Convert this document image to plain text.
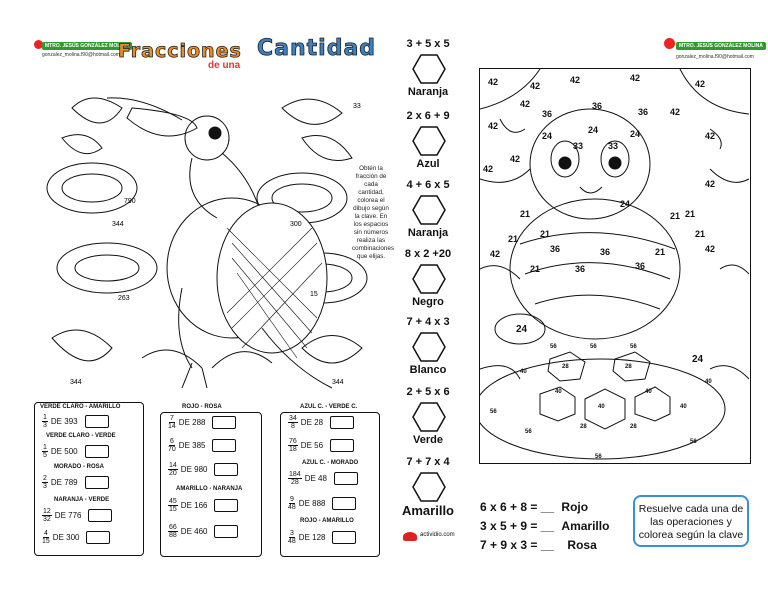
MTRO. JESÚS GONZÁLEZ MOLINA
gonzalez_molina.f90@hotmail.com
Fracciones
de una
Cantidad
33
790
344	300
263
15
344	344
Obtén la fracción de cada cantidad, colorea el dibujo según la clave. En los espacios sin números realiza las combinaciones que elijas.
VERDE CLARO - AMARILLO
$\frac{1}{3}$ DE 393
VERDE CLARO - VERDE
$\frac{1}{5}$ DE 500
MORADO - ROSA
$\frac{2}{3}$ DE 789
NARANJA - VERDE
$\frac{12}{32}$ DE 776
$\frac{4}{15}$ DE 300
ROJO - ROSA
$\frac{7}{14}$ DE 288
$\frac{6}{70}$ DE 385
$\frac{14}{20}$ DE 980
AMARILLO - NARANJA
$\frac{45}{15}$ DE 166
$\frac{66}{88}$ DE 460
AZUL C. - VERDE C.
$\frac{34}{8}$ DE 28
$\frac{76}{18}$ DE 56
AZUL C. - MORADO
$\frac{184}{28}$ DE 48
$\frac{9}{48}$ DE 888
ROJO - AMARILLO
$\frac{3}{48}$ DE 128
3 + 5 x 5
Naranja
2 x 6 + 9
Azul
4 + 6 x 5
Naranja
8 x 2 +20
Negro
7 + 4 x 3
Blanco
2 + 5 x 6
Verde
7 + 7 x 4
Amarillo
actividio.com
MTRO. JESÚS GONZÁLEZ MOLINA
gonzalez_molina.f90@hotmail.com
42	42
42	42
42
42
42
42
42
42
42
42
42	42
36
36	36
36	36
36	36
33	33
24
24	24
24
24
24
21
21 21
21
21
21
21
21
56	56	56
56
56
56
56
40
40
40
40
40
40
28	28
28	28
6 x 6 + 8 = __ Rojo
3 x 5 + 9 = __ Amarillo
7 + 9 x 3 = __ Rosa
Resuelve cada una de las operaciones y colorea según la clave
